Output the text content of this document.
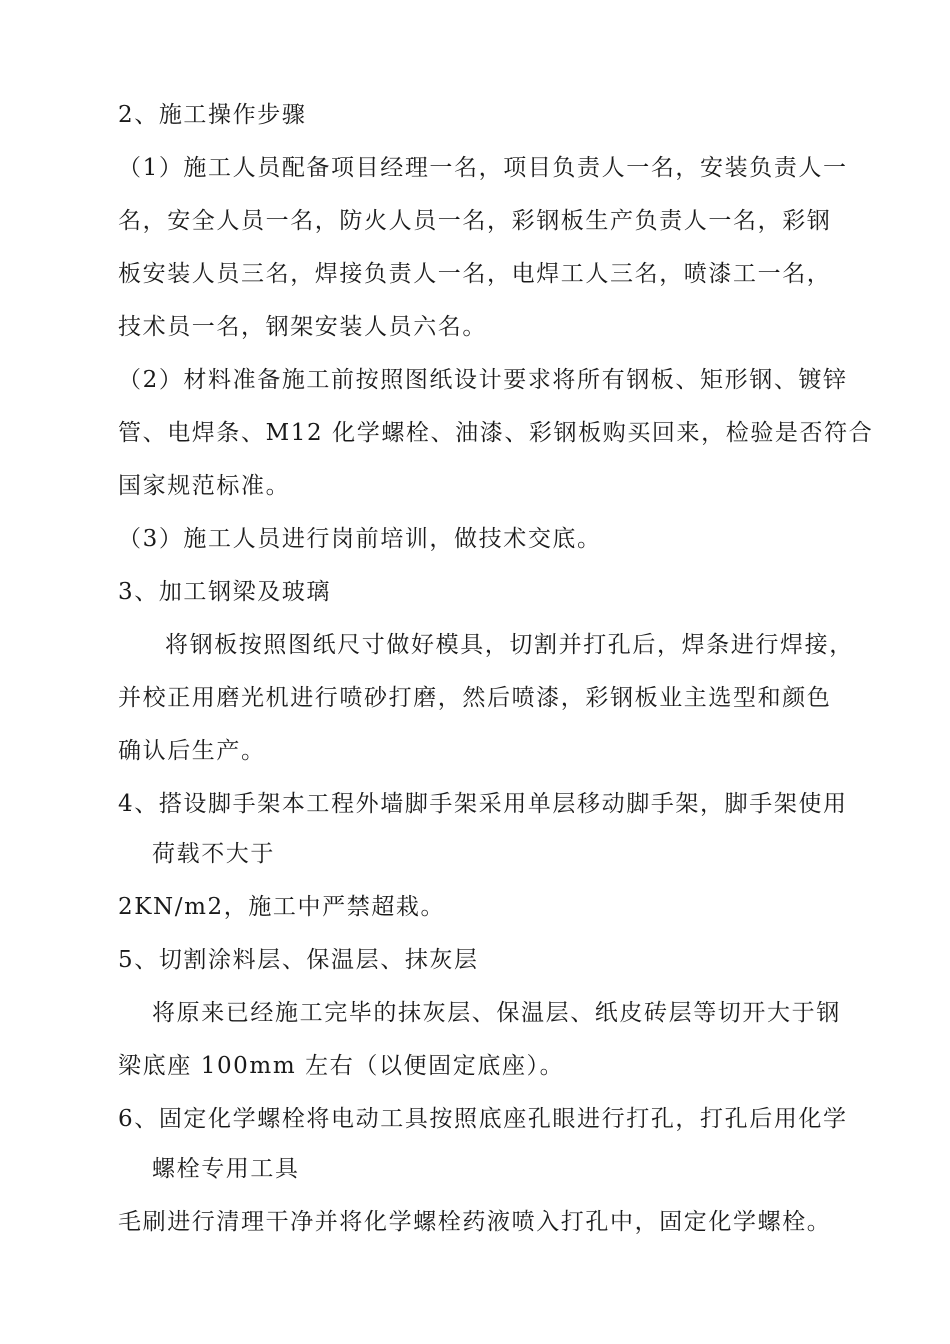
2、施工操作步骤
（1）施工人员配备项目经理一名，项目负责人一名，安装负责人一
名，安全人员一名，防火人员一名，彩钢板生产负责人一名，彩钢
板安装人员三名，焊接负责人一名，电焊工人三名，喷漆工一名，
技术员一名，钢架安装人员六名。
（2）材料准备施工前按照图纸设计要求将所有钢板、矩形钢、镀锌
管、电焊条、M12 化学螺栓、油漆、彩钢板购买回来，检验是否符合
国家规范标准。
（3）施工人员进行岗前培训，做技术交底。
3、加工钢梁及玻璃
将钢板按照图纸尺寸做好模具，切割并打孔后，焊条进行焊接，
并校正用磨光机进行喷砂打磨，然后喷漆，彩钢板业主选型和颜色
确认后生产。
4、搭设脚手架本工程外墙脚手架采用单层移动脚手架，脚手架使用
荷载不大于
2KN/m2，施工中严禁超栽。
5、切割涂料层、保温层、抹灰层
将原来已经施工完毕的抹灰层、保温层、纸皮砖层等切开大于钢
梁底座 100mm 左右（以便固定底座）。
6、固定化学螺栓将电动工具按照底座孔眼进行打孔，打孔后用化学
螺栓专用工具
毛刷进行清理干净并将化学螺栓药液喷入打孔中，固定化学螺栓。
